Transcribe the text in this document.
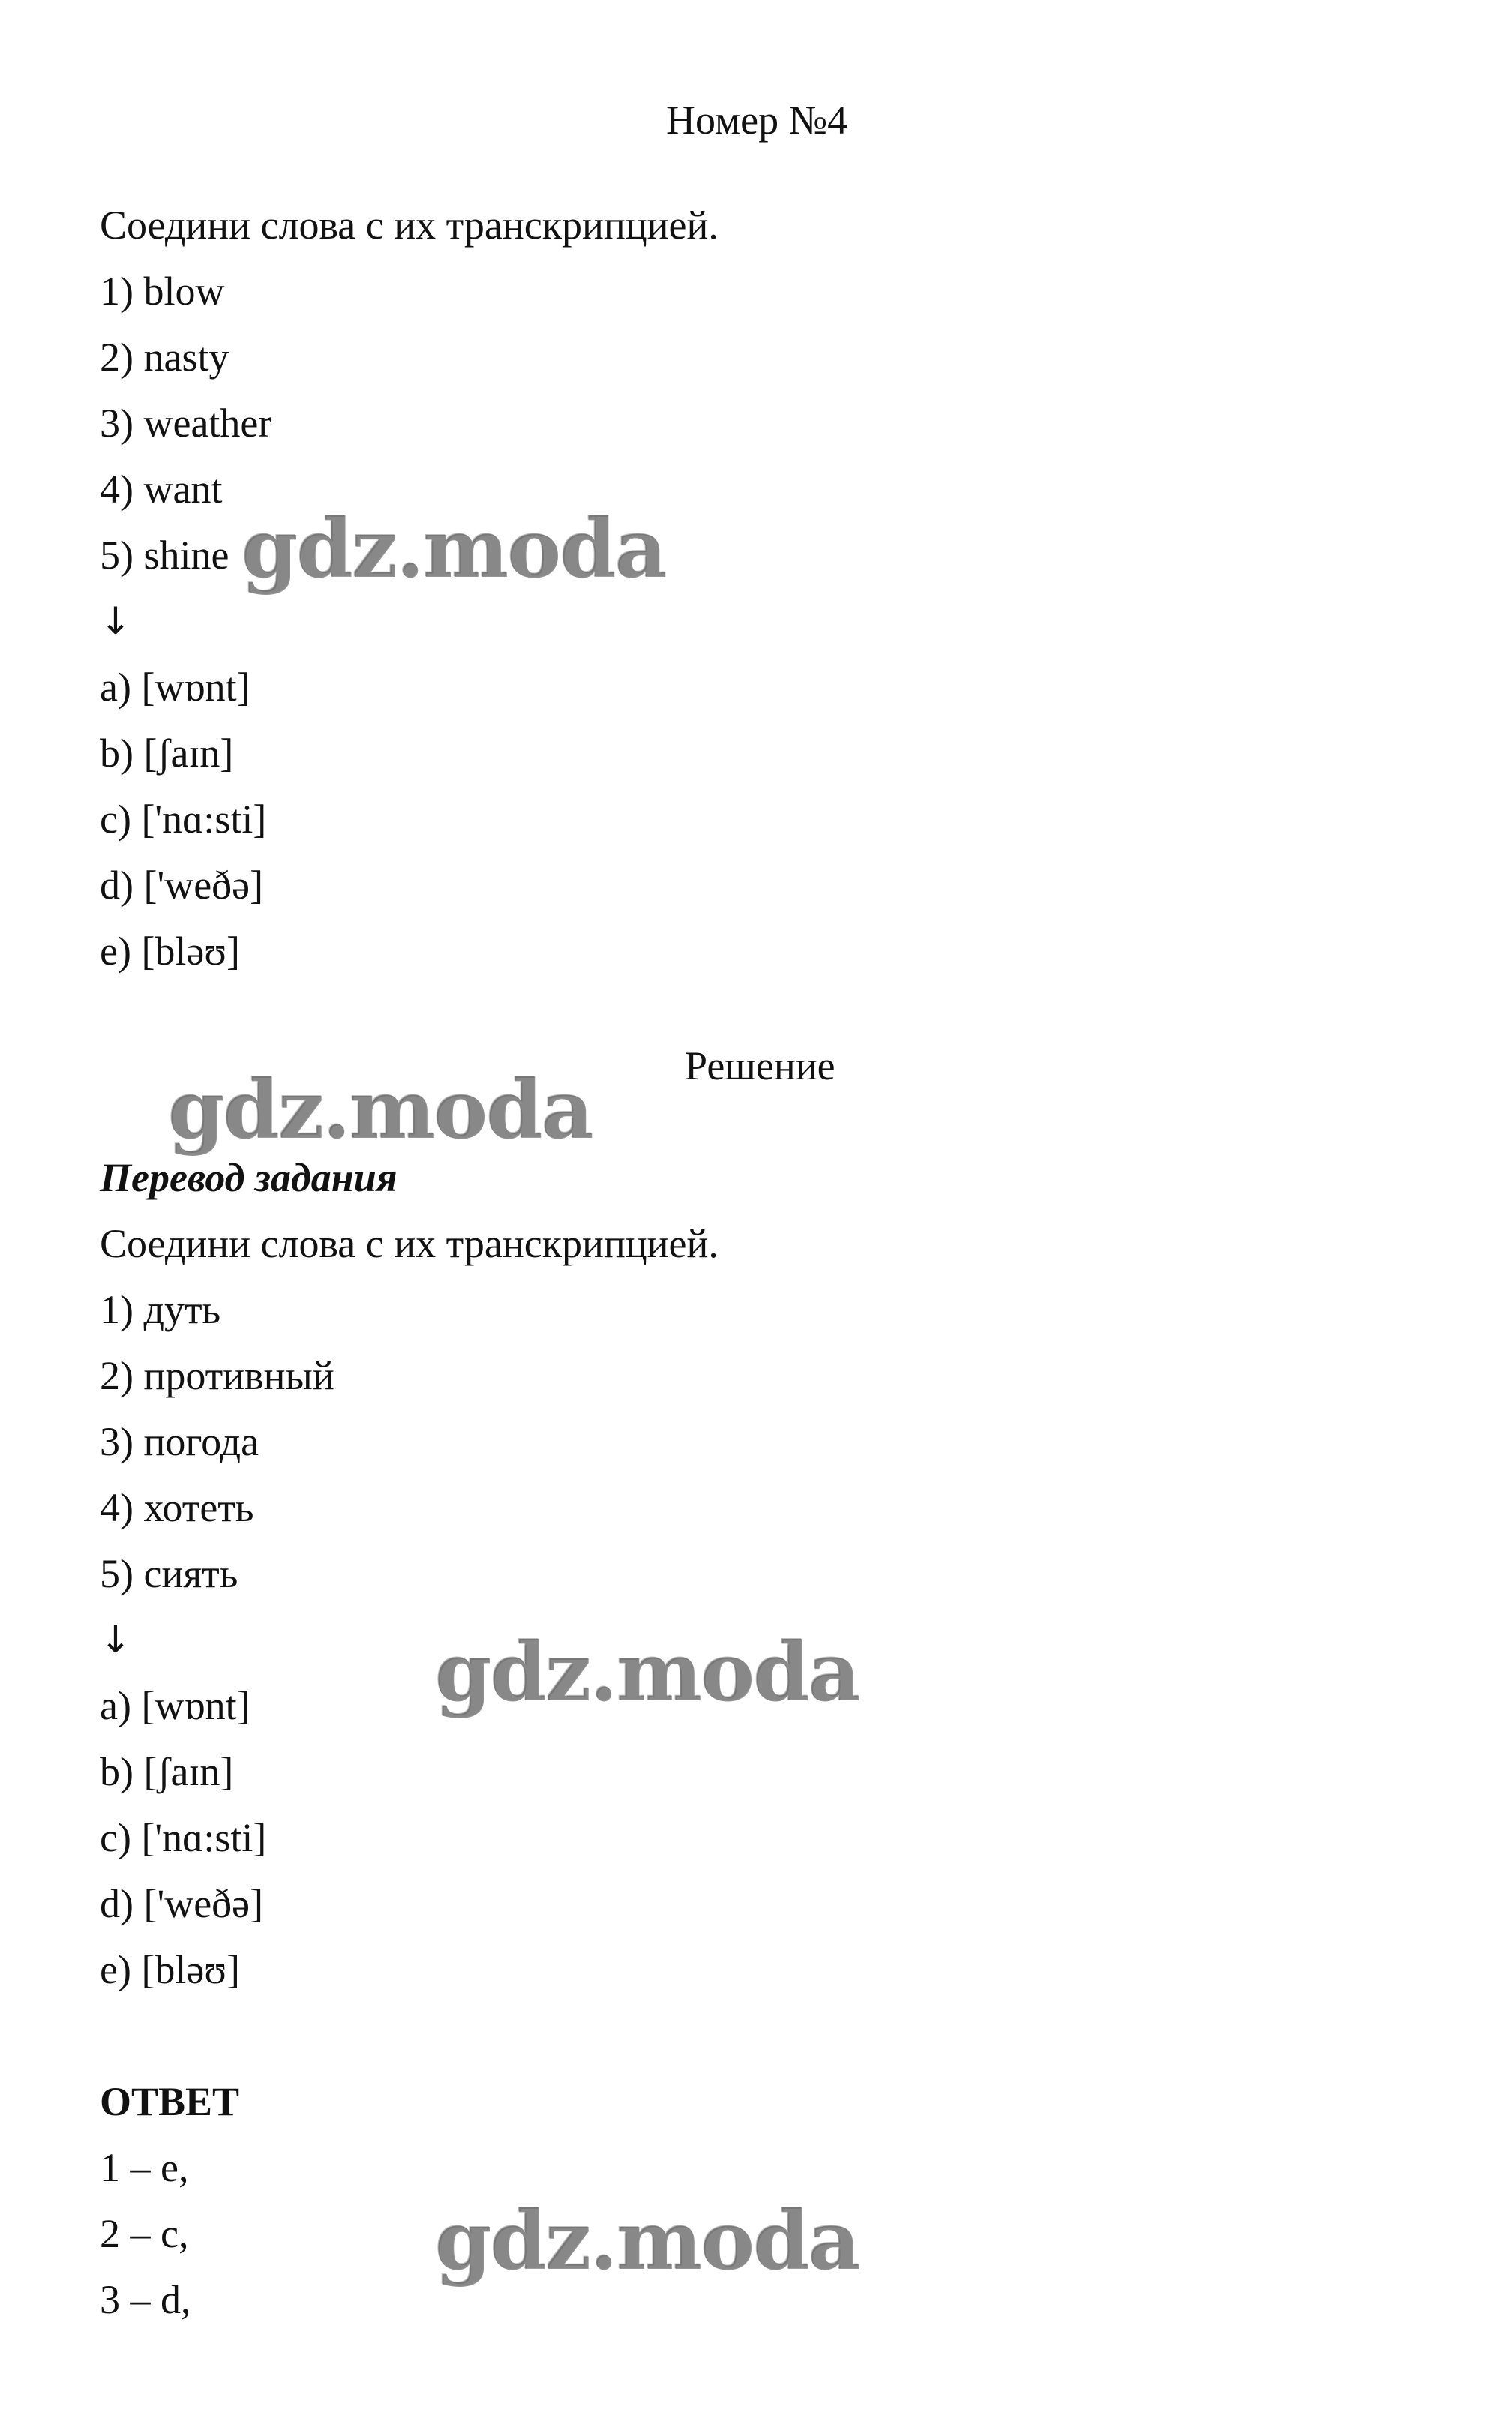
Номер №4
Соедини слова с их транскрипцией.
1) blow
2) nasty
3) weather
4) want
5) shine
↓
a) [wɒnt]
b) [ʃaɪn]
c) ['nɑ:sti]
d) ['weðə]
e) [bləʊ]
Решение
Перевод задания
Соедини слова с их транскрипцией.
1) дуть
2) противный
3) погода
4) хотеть
5) сиять
↓
a) [wɒnt]
b) [ʃaɪn]
c) ['nɑ:sti]
d) ['weðə]
e) [bləʊ]
ОТВЕТ
1 – e,
2 – c,
3 – d,
gdz.moda
gdz.moda
gdz.moda
gdz.moda
